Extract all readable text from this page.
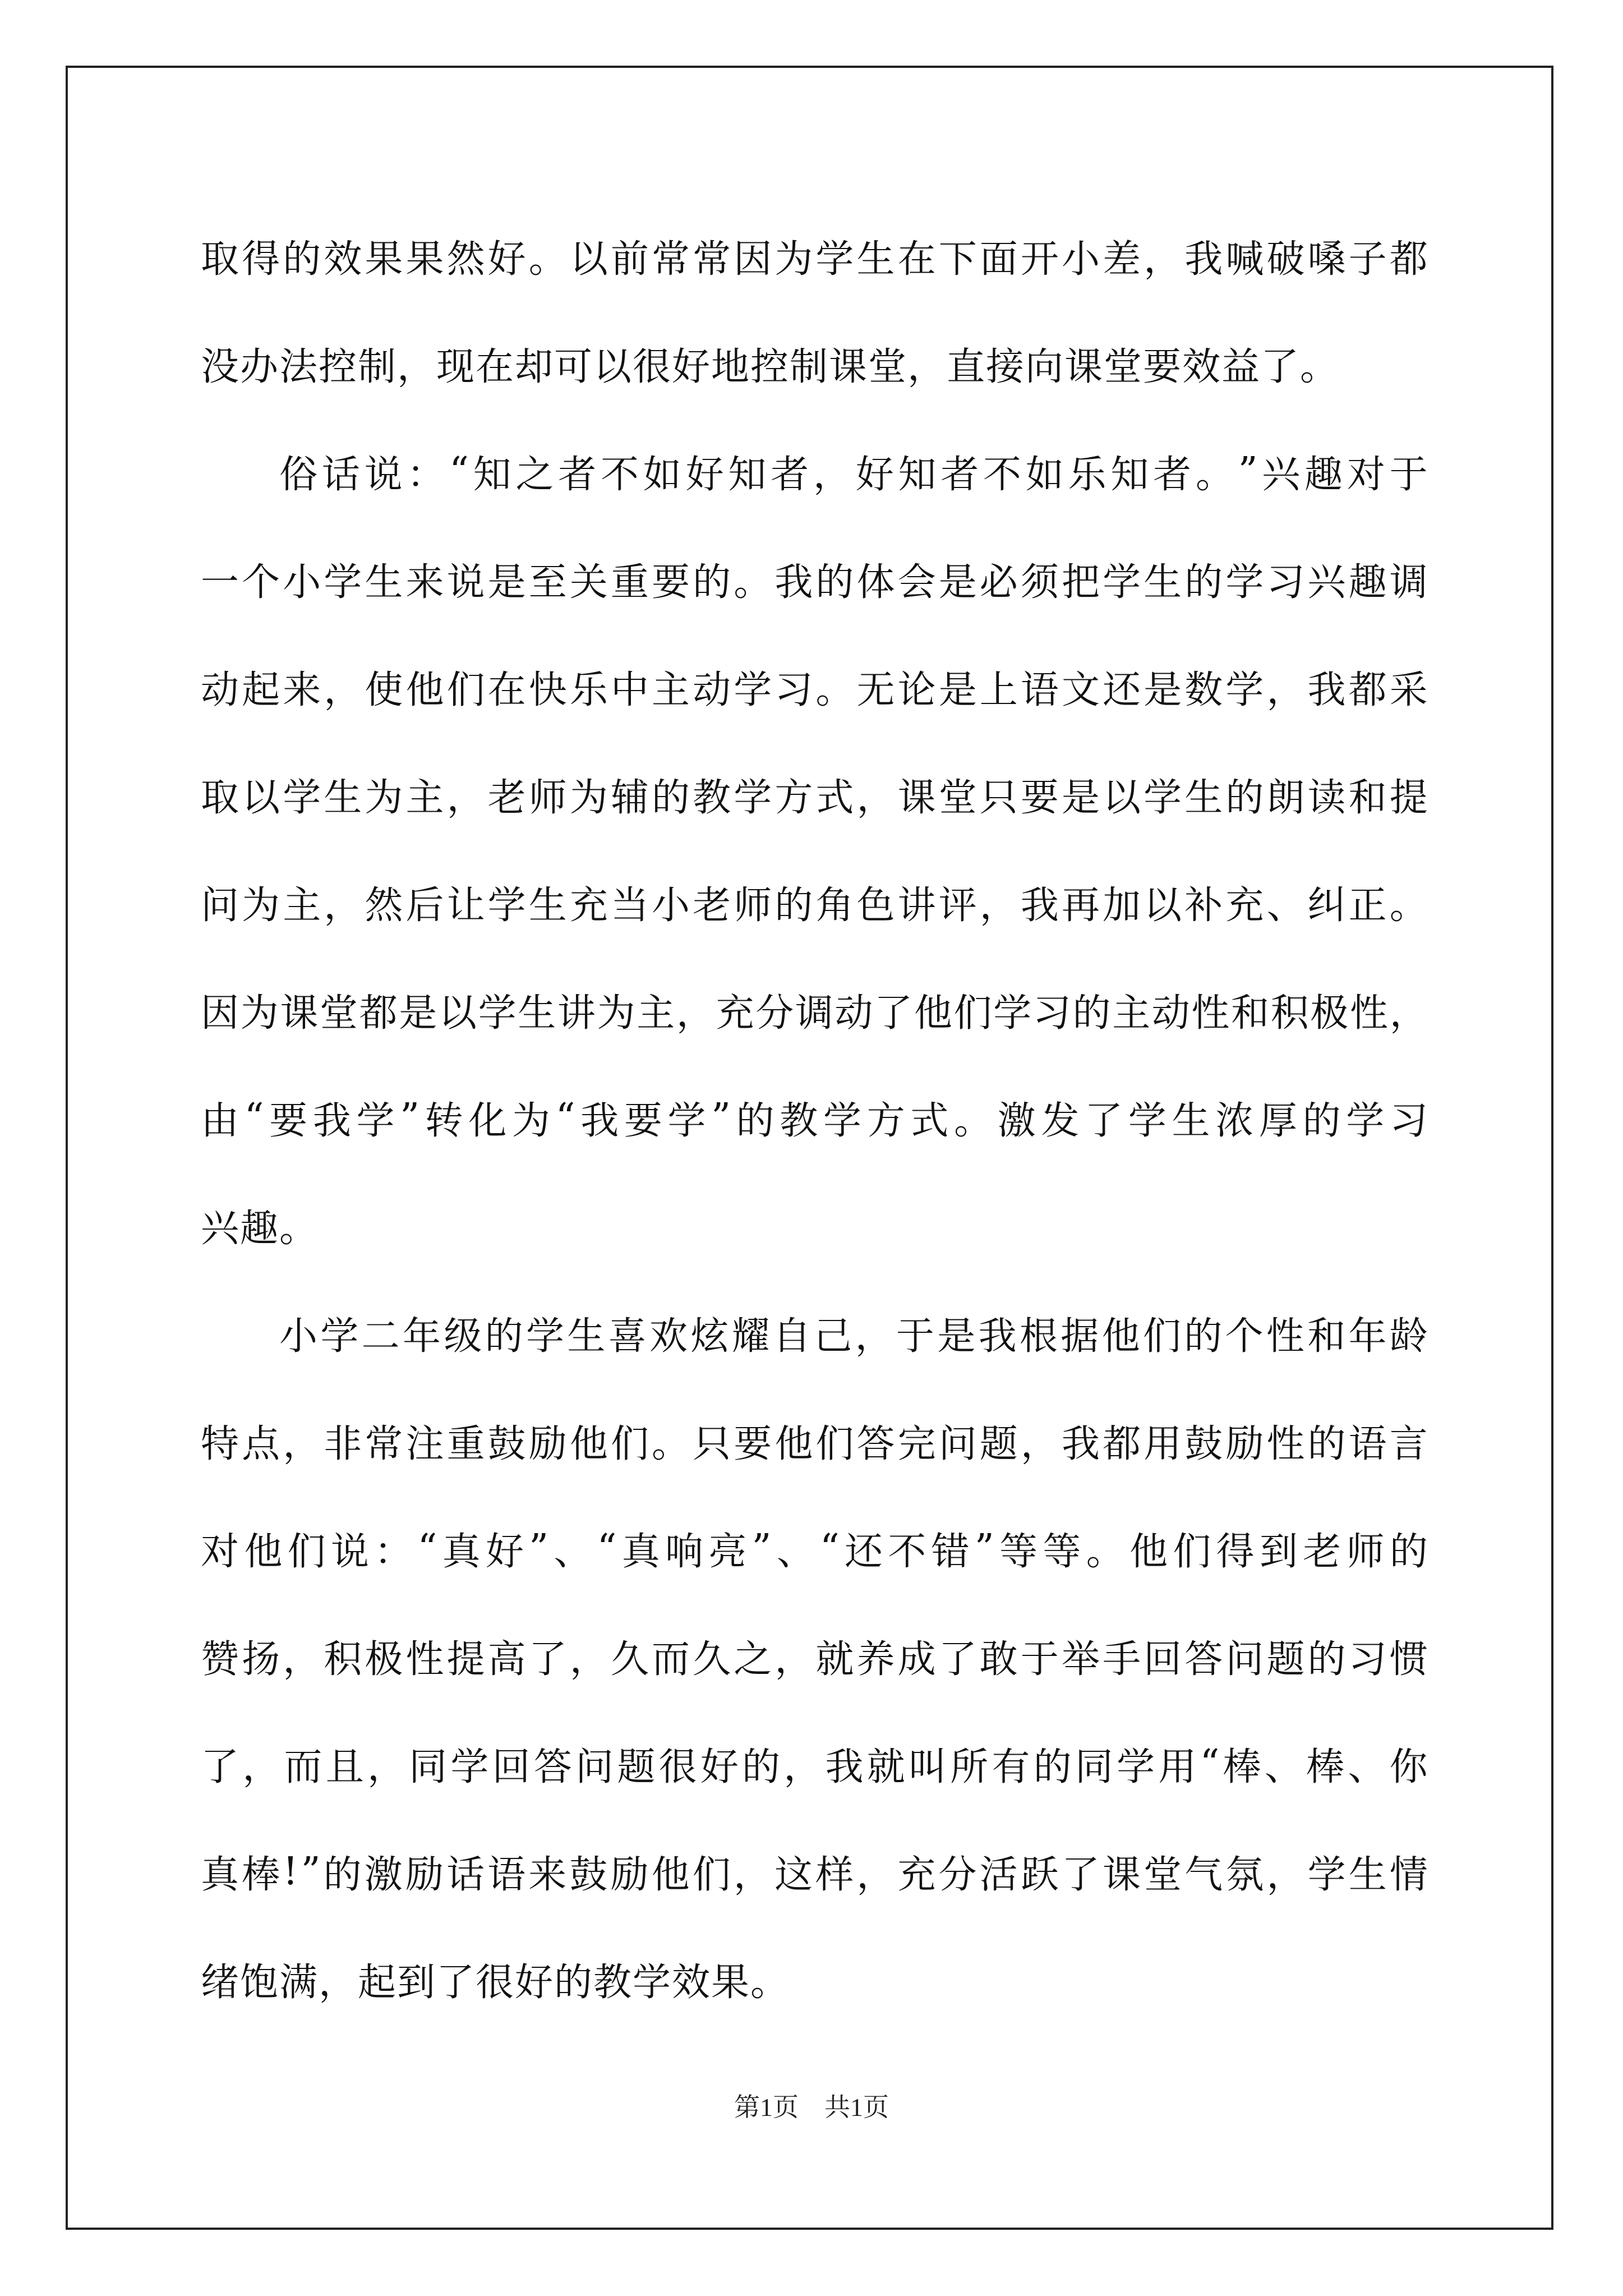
取 得 的 效 果 果 然 好 。 以 前 常 常 因 为 学 生 在 下 面 开 小 差 ， 我 喊 破 嗓 子 都
没办法控制，现在却可以很好地控制课堂，直接向课堂要效益了。
俗 话 说 ： “ 知 之 者 不 如 好 知 者 ， 好 知 者 不 如 乐 知 者 。 ” 兴 趣 对 于
一 个 小 学 生 来 说 是 至 关 重 要 的 。 我 的 体 会 是 必 须 把 学 生 的 学 习 兴 趣 调
动 起 来 ， 使 他 们 在 快 乐 中 主 动 学 习 。 无 论 是 上 语 文 还 是 数 学 ， 我 都 采
取 以 学 生 为 主 ， 老 师 为 辅 的 教 学 方 式 ， 课 堂 只 要 是 以 学 生 的 朗 读 和 提
问 为 主 ， 然 后 让 学 生 充 当 小 老 师 的 角 色 讲 评 ， 我 再 加 以 补 充 、 纠 正 。
因 为 课 堂 都 是 以 学 生 讲 为 主 ， 充 分 调 动 了 他 们 学 习 的 主 动 性 和 积 极 性 ，
由 “ 要 我 学 ” 转 化 为 “ 我 要 学 ” 的 教 学 方 式 。 激 发 了 学 生 浓 厚 的 学 习
兴趣。
小 学 二 年 级 的 学 生 喜 欢 炫 耀 自 己 ， 于 是 我 根 据 他 们 的 个 性 和 年 龄
特 点 ， 非 常 注 重 鼓 励 他 们 。 只 要 他 们 答 完 问 题 ， 我 都 用 鼓 励 性 的 语 言
对 他 们 说 ： “ 真 好 ” 、 “ 真 响 亮 ” 、 “ 还 不 错 ” 等 等 。 他 们 得 到 老 师 的
赞 扬 ， 积 极 性 提 高 了 ， 久 而 久 之 ， 就 养 成 了 敢 于 举 手 回 答 问 题 的 习 惯
了 ， 而 且 ， 同 学 回 答 问 题 很 好 的 ， 我 就 叫 所 有 的 同 学 用 “ 棒 、 棒 、 你
真 棒 ! ” 的 激 励 话 语 来 鼓 励 他 们 ， 这 样 ， 充 分 活 跃 了 课 堂 气 氛 ， 学 生 情
绪饱满，起到了很好的教学效果。
第1页　共1页
